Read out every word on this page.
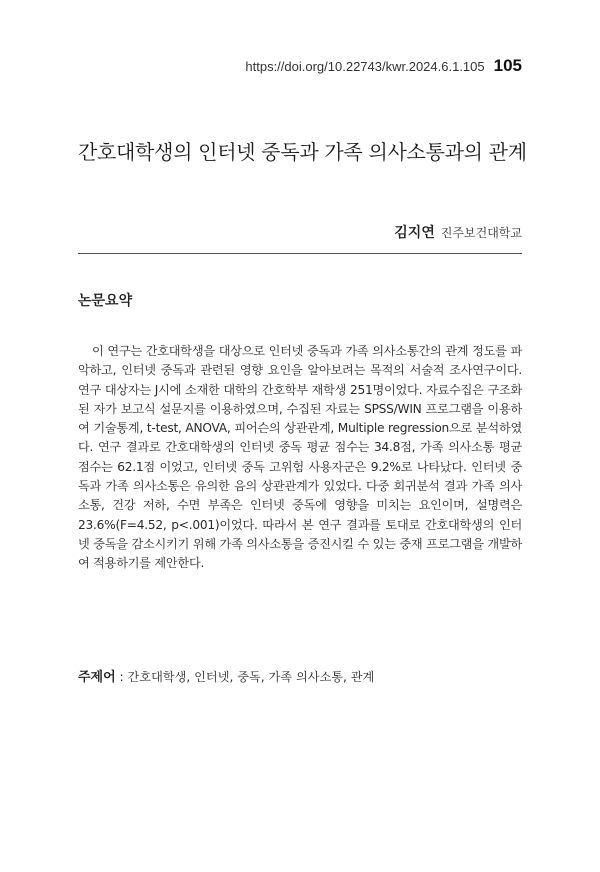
https://doi.org/10.22743/kwr.2024.6.1.105 105
간호대학생의 인터넷 중독과 가족 의사소통과의 관계
김지연 진주보건대학교
논문요약

이 연구는 간호대학생을 대상으로 인터넷 중독과 가족 의사소통간의 관계 정도를 파악하고, 인터넷 중독과 관련된 영향 요인을 알아보려는 목적의 서술적 조사연구이다. 연구 대상자는 J시에 소재한 대학의 간호학부 재학생 251명이었다. 자료수집은 구조화된 자가 보고식 설문지를 이용하였으며, 수집된 자료는 SPSS/WIN 프로그램을 이용하여 기술통계, t-test, ANOVA, 피어슨의 상관관계, Multiple regression으로 분석하였다. 연구 결과로 간호대학생의 인터넷 중독 평균 점수는 34.8점, 가족 의사소통 평균 점수는 62.1점 이었고, 인터넷 중독 고위험 사용자군은 9.2%로 나타났다. 인터넷 중독과 가족 의사소통은 유의한 음의 상관관계가 있었다. 다중 회귀분석 결과 가족 의사소통, 건강 저하, 수면 부족은 인터넷 중독에 영향을 미치는 요인이며, 설명력은 23.6%(F=4.52, p<.001)이었다. 따라서 본 연구 결과를 토대로 간호대학생의 인터넷 중독을 감소시키기 위해 가족 의사소통을 증진시킬 수 있는 중재 프로그램을 개발하여 적용하기를 제안한다.

주제어 : 간호대학생, 인터넷, 중독, 가족 의사소통, 관계
